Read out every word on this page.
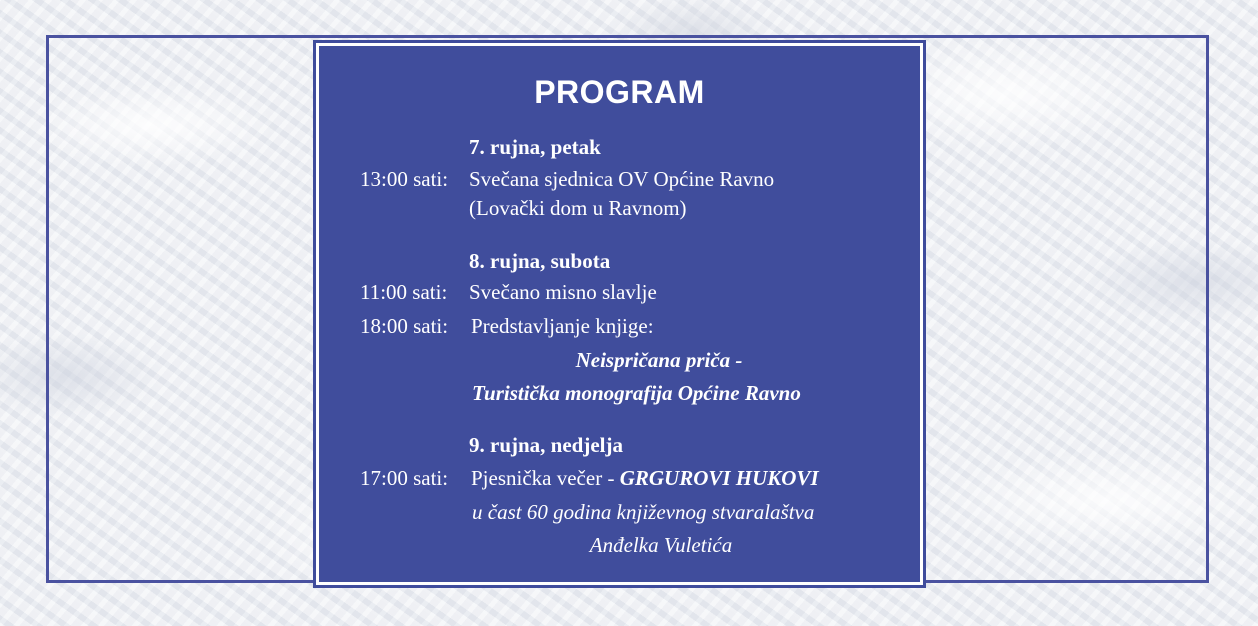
PROGRAM
7. rujna, petak
13:00 sati: Svečana sjednica OV Općine Ravno
(Lovački dom u Ravnom)
8. rujna, subota
11:00 sati: Svečano misno slavlje
18:00 sati: Predstavljanje knjige:
Neispričana priča -
Turistička monografija Općine Ravno
9. rujna, nedjelja
17:00 sati: Pjesnička večer - GRGUROVI HUKOVI
u čast 60 godina književnog stvaralaštva
Anđelka Vuletića
